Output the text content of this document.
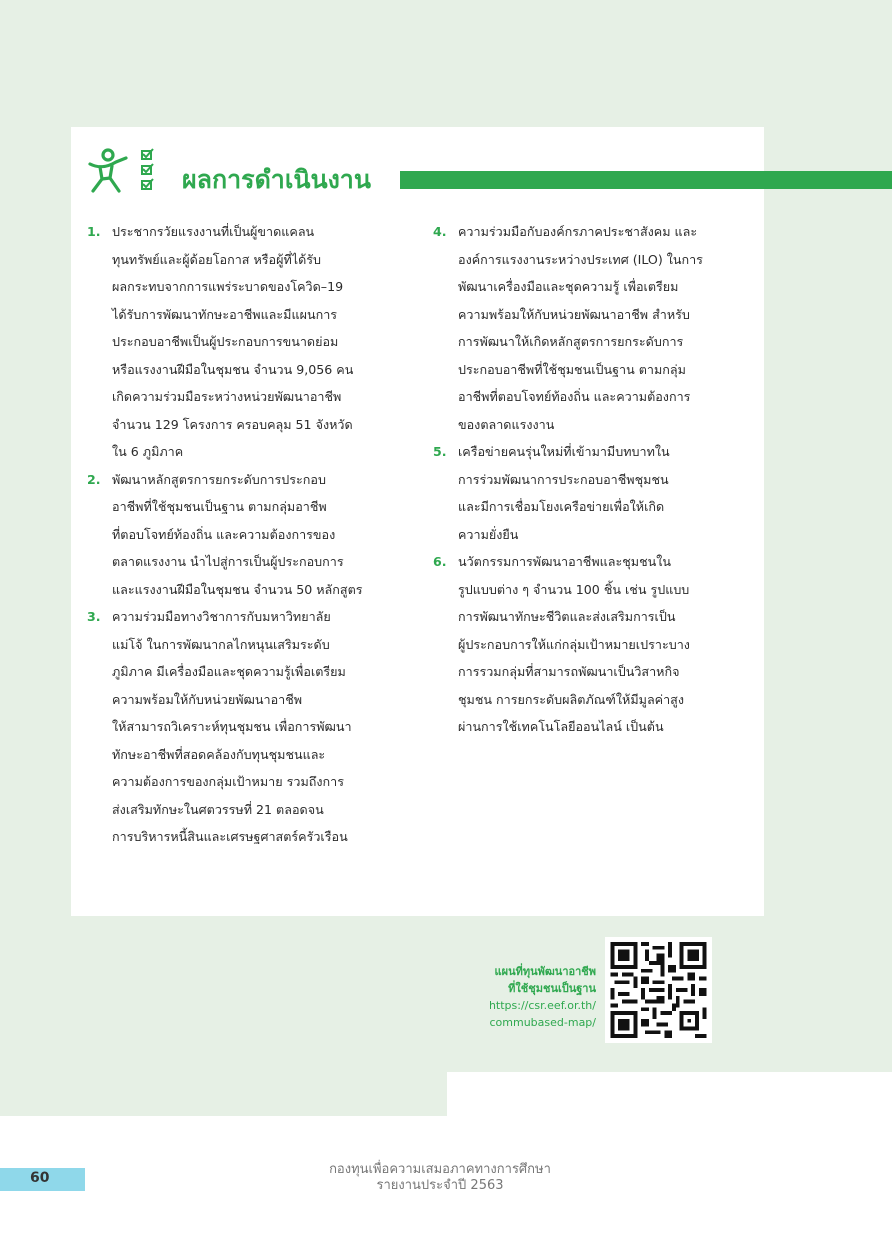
ผลการดำเนินงาน
1. ประชากรวัยแรงงานที่เป็นผู้ขาดแคลน
ทุนทรัพย์และผู้ด้อยโอกาส หรือผู้ที่ได้รับ
ผลกระทบจากการแพร่ระบาดของโควิด–19
ได้รับการพัฒนาทักษะอาชีพและมีแผนการ
ประกอบอาชีพเป็นผู้ประกอบการขนาดย่อม
หรือแรงงานฝีมือในชุมชน จำนวน 9,056 คน
เกิดความร่วมมือระหว่างหน่วยพัฒนาอาชีพ
จำนวน 129 โครงการ ครอบคลุม 51 จังหวัด
ใน 6 ภูมิภาค

2. พัฒนาหลักสูตรการยกระดับการประกอบ
อาชีพที่ใช้ชุมชนเป็นฐาน ตามกลุ่มอาชีพ
ที่ตอบโจทย์ท้องถิ่น และความต้องการของ
ตลาดแรงงาน นำไปสู่การเป็นผู้ประกอบการ
และแรงงานฝีมือในชุมชน จำนวน 50 หลักสูตร

3. ความร่วมมือทางวิชาการกับมหาวิทยาลัย
แม่โจ้ ในการพัฒนากลไกหนุนเสริมระดับ
ภูมิภาค มีเครื่องมือและชุดความรู้เพื่อเตรียม
ความพร้อมให้กับหน่วยพัฒนาอาชีพ
ให้สามารถวิเคราะห์ทุนชุมชน เพื่อการพัฒนา
ทักษะอาชีพที่สอดคล้องกับทุนชุมชนและ
ความต้องการของกลุ่มเป้าหมาย รวมถึงการ
ส่งเสริมทักษะในศตวรรษที่ 21 ตลอดจน
การบริหารหนี้สินและเศรษฐศาสตร์ครัวเรือน

4. ความร่วมมือกับองค์กรภาคประชาสังคม และ
องค์การแรงงานระหว่างประเทศ (ILO) ในการ
พัฒนาเครื่องมือและชุดความรู้ เพื่อเตรียม
ความพร้อมให้กับหน่วยพัฒนาอาชีพ สำหรับ
การพัฒนาให้เกิดหลักสูตรการยกระดับการ
ประกอบอาชีพที่ใช้ชุมชนเป็นฐาน ตามกลุ่ม
อาชีพที่ตอบโจทย์ท้องถิ่น และความต้องการ
ของตลาดแรงงาน

5. เครือข่ายคนรุ่นใหม่ที่เข้ามามีบทบาทใน
การร่วมพัฒนาการประกอบอาชีพชุมชน
และมีการเชื่อมโยงเครือข่ายเพื่อให้เกิด
ความยั่งยืน

6. นวัตกรรมการพัฒนาอาชีพและชุมชนใน
รูปแบบต่าง ๆ จำนวน 100 ชิ้น เช่น รูปแบบ
การพัฒนาทักษะชีวิตและส่งเสริมการเป็น
ผู้ประกอบการให้แก่กลุ่มเป้าหมายเปราะบาง
การรวมกลุ่มที่สามารถพัฒนาเป็นวิสาหกิจ
ชุมชน การยกระดับผลิตภัณฑ์ให้มีมูลค่าสูง
ผ่านการใช้เทคโนโลยีออนไลน์ เป็นต้น

แผนที่ทุนพัฒนาอาชีพ
ที่ใช้ชุมชนเป็นฐาน
https://csr.eef.or.th/
commubased-map/
60
กองทุนเพื่อความเสมอภาคทางการศึกษา
รายงานประจำปี 2563
